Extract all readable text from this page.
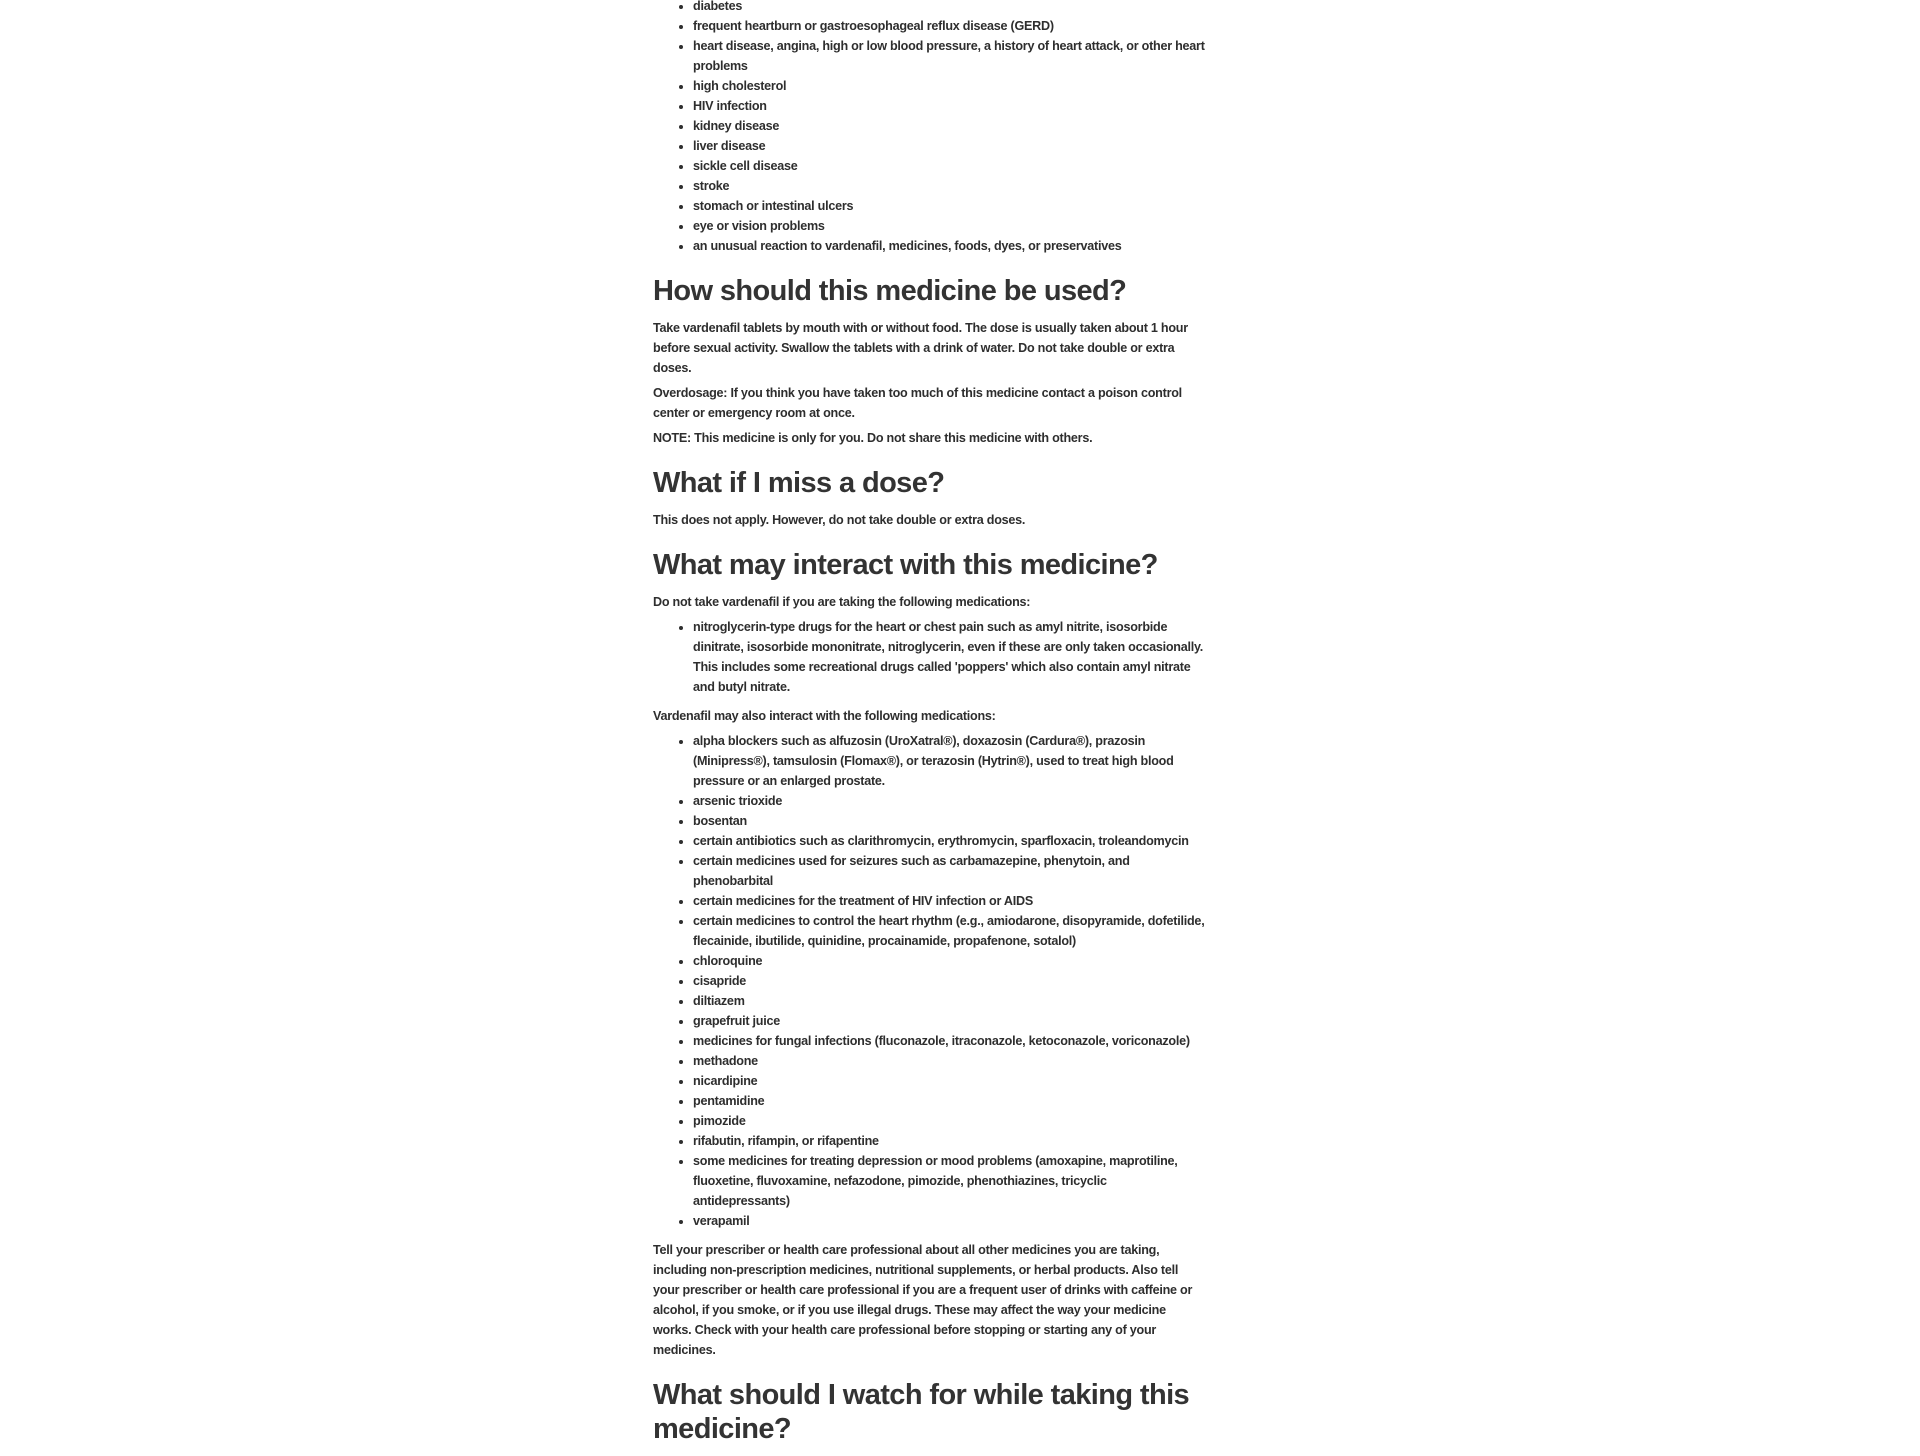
• diabetes
• frequent heartburn or gastroesophageal reflux disease (GERD)
• heart disease, angina, high or low blood pressure, a history of heart attack, or other heart problems
• high cholesterol
• HIV infection
• kidney disease
• liver disease
• sickle cell disease
• stroke
• stomach or intestinal ulcers
• eye or vision problems
• an unusual reaction to vardenafil, medicines, foods, dyes, or preservatives
How should this medicine be used?

Take vardenafil tablets by mouth with or without food. The dose is usually taken about 1 hour before sexual activity. Swallow the tablets with a drink of water. Do not take double or extra doses.

Overdosage: If you think you have taken too much of this medicine contact a poison control center or emergency room at once.

NOTE: This medicine is only for you. Do not share this medicine with others.

What if I miss a dose?

This does not apply. However, do not take double or extra doses.

What may interact with this medicine?

Do not take vardenafil if you are taking the following medications:

• nitroglycerin-type drugs for the heart or chest pain such as amyl nitrite, isosorbide dinitrate, isosorbide mononitrate, nitroglycerin, even if these are only taken occasionally. This includes some recreational drugs called 'poppers' which also contain amyl nitrate and butyl nitrate.

Vardenafil may also interact with the following medications:

• alpha blockers such as alfuzosin (UroXatral®), doxazosin (Cardura®), prazosin (Minipress®), tamsulosin (Flomax®), or terazosin (Hytrin®), used to treat high blood pressure or an enlarged prostate.
• arsenic trioxide
• bosentan
• certain antibiotics such as clarithromycin, erythromycin, sparfloxacin, troleandomycin
• certain medicines used for seizures such as carbamazepine, phenytoin, and phenobarbital
• certain medicines for the treatment of HIV infection or AIDS
• certain medicines to control the heart rhythm (e.g., amiodarone, disopyramide, dofetilide, flecainide, ibutilide, quinidine, procainamide, propafenone, sotalol)
• chloroquine
• cisapride
• diltiazem
• grapefruit juice
• medicines for fungal infections (fluconazole, itraconazole, ketoconazole, voriconazole)
• methadone
• nicardipine
• pentamidine
• pimozide
• rifabutin, rifampin, or rifapentine
• some medicines for treating depression or mood problems (amoxapine, maprotiline, fluoxetine, fluvoxamine, nefazodone, pimozide, phenothiazines, tricyclic antidepressants)
• verapamil

Tell your prescriber or health care professional about all other medicines you are taking, including non-prescription medicines, nutritional supplements, or herbal products. Also tell your prescriber or health care professional if you are a frequent user of drinks with caffeine or alcohol, if you smoke, or if you use illegal drugs. These may affect the way your medicine works. Check with your health care professional before stopping or starting any of your medicines.

What should I watch for while taking this medicine?
